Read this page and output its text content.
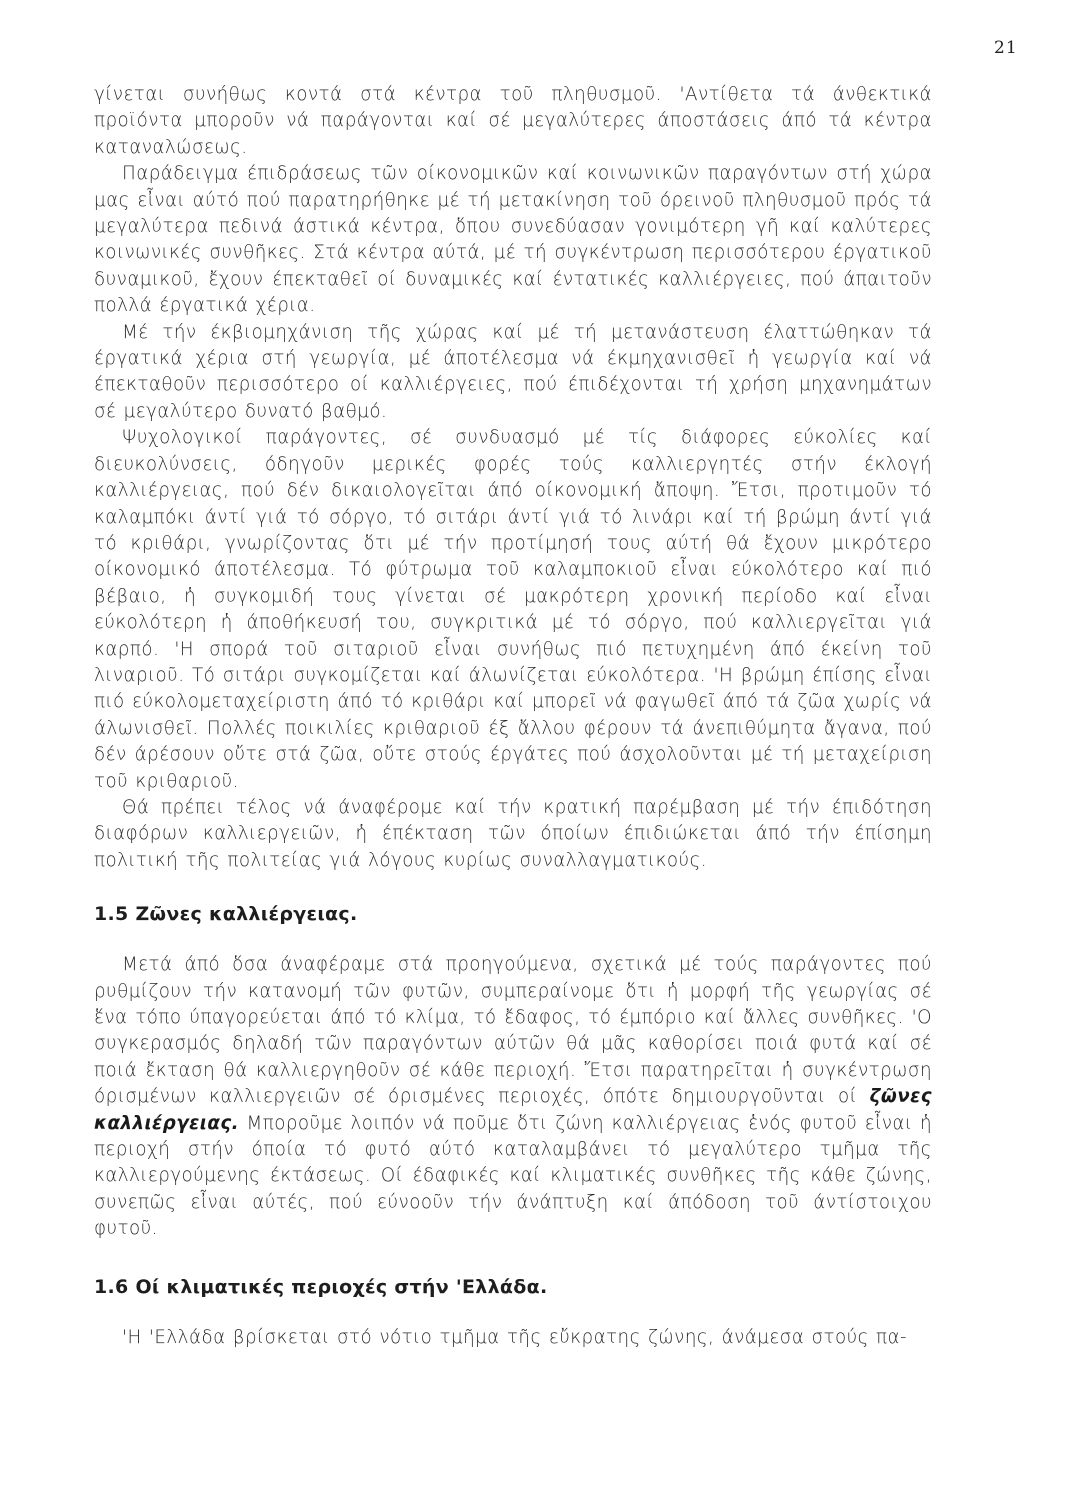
21

γίνεται συνήθως κοντά στά κέντρα τοῦ πληθυσμοῦ. 'Αντίθετα τά άνθεκτικά προϊόντα μποροῦν νά παράγονται καί σέ μεγαλύτερες άποστάσεις άπό τά κέντρα καταναλώσεως.

Παράδειγμα έπιδράσεως τῶν οίκονομικῶν καί κοινωνικῶν παραγόντων στή χώρα μας εἶναι αύτό πού παρατηρήθηκε μέ τή μετακίνηση τοῦ όρεινοῦ πληθυσμοῦ πρός τά μεγαλύτερα πεδινά άστικά κέντρα, ὅπου συνεδύασαν γονιμότερη γῆ καί καλύτερες κοινωνικές συνθῆκες. Στά κέντρα αύτά, μέ τή συγκέντρωση περισσότερου έργατικοῦ δυναμικοῦ, ἔχουν έπεκταθεῖ οί δυναμικές καί έντατικές καλλιέργειες, πού άπαιτοῦν πολλά έργατικά χέρια.

Μέ τήν έκβιομηχάνιση τῆς χώρας καί μέ τή μετανάστευση έλαττώθηκαν τά έργατικά χέρια στή γεωργία, μέ άποτέλεσμα νά έκμηχανισθεῖ ἡ γεωργία καί νά έπεκταθοῦν περισσότερο οί καλλιέργειες, πού έπιδέχονται τή χρήση μηχανημάτων σέ μεγαλύτερο δυνατό βαθμό.

Ψυχολογικοί παράγοντες, σέ συνδυασμό μέ τίς διάφορες εύκολίες καί διευκολύνσεις, όδηγοῦν μερικές φορές τούς καλλιεργητές στήν έκλογή καλλιέργειας, πού δέν δικαιολογεῖται άπό οίκονομική ἄποψη. Ἔτσι, προτιμοῦν τό καλαμπόκι άντί γιά τό σόργο, τό σιτάρι άντί γιά τό λινάρι καί τή βρώμη άντί γιά τό κριθάρι, γνωρίζοντας ὅτι μέ τήν προτίμησή τους αύτή θά ἔχουν μικρότερο οίκονομικό άποτέλεσμα. Τό φύτρωμα τοῦ καλαμποκιοῦ εἶναι εύκολότερο καί πιό βέβαιο, ἡ συγκομιδή τους γίνεται σέ μακρότερη χρονική περίοδο καί εἶναι εύκολότερη ἡ άποθήκευσή του, συγκριτικά μέ τό σόργο, πού καλλιεργεῖται γιά καρπό. 'Η σπορά τοῦ σιταριοῦ εἶναι συνήθως πιό πετυχημένη άπό έκείνη τοῦ λιναριοῦ. Τό σιτάρι συγκομίζεται καί άλωνίζεται εύκολότερα. 'Η βρώμη έπίσης εἶναι πιό εύκολομεταχείριστη άπό τό κριθάρι καί μπορεῖ νά φαγωθεῖ άπό τά ζῶα χωρίς νά άλωνισθεῖ. Πολλές ποικιλίες κριθαριοῦ έξ ἄλλου φέρουν τά άνεπιθύμητα ἄγανα, πού δέν άρέσουν οὔτε στά ζῶα, οὔτε στούς έργάτες πού άσχολοῦνται μέ τή μεταχείριση τοῦ κριθαριοῦ.

Θά πρέπει τέλος νά άναφέρομε καί τήν κρατική παρέμβαση μέ τήν έπιδότηση διαφόρων καλλιεργειῶν, ἡ έπέκταση τῶν όποίων έπιδιώκεται άπό τήν έπίσημη πολιτική τῆς πολιτείας γιά λόγους κυρίως συναλλαγματικούς.

1.5 Ζῶνες καλλιέργειας.

Μετά άπό ὅσα άναφέραμε στά προηγούμενα, σχετικά μέ τούς παράγοντες πού ρυθμίζουν τήν κατανομή τῶν φυτῶν, συμπεραίνομε ὅτι ἡ μορφή τῆς γεωργίας σέ ἕνα τόπο ύπαγορεύεται άπό τό κλίμα, τό ἔδαφος, τό έμπόριο καί ἄλλες συνθῆκες. 'Ο συγκερασμός δηλαδή τῶν παραγόντων αύτῶν θά μᾶς καθορίσει ποιά φυτά καί σέ ποιά ἔκταση θά καλλιεργηθοῦν σέ κάθε περιοχή. Ἔτσι παρατηρεῖται ἡ συγκέντρωση όρισμένων καλλιεργειῶν σέ όρισμένες περιοχές, όπότε δημιουργοῦνται οί ζῶνες καλλιέργειας. Μποροῦμε λοιπόν νά ποῦμε ὅτι ζώνη καλλιέργειας ἑνός φυτοῦ εἶναι ἡ περιοχή στήν όποία τό φυτό αύτό καταλαμβάνει τό μεγαλύτερο τμῆμα τῆς καλλιεργούμενης έκτάσεως. Οί έδαφικές καί κλιματικές συνθῆκες τῆς κάθε ζώνης, συνεπῶς εἶναι αύτές, πού εύνοοῦν τήν άνάπτυξη καί άπόδοση τοῦ άντίστοιχου φυτοῦ.

1.6 Οί κλιματικές περιοχές στήν 'Ελλάδα.

'Η 'Ελλάδα βρίσκεται στό νότιο τμῆμα τῆς εὔκρατης ζώνης, άνάμεσα στούς πα-
